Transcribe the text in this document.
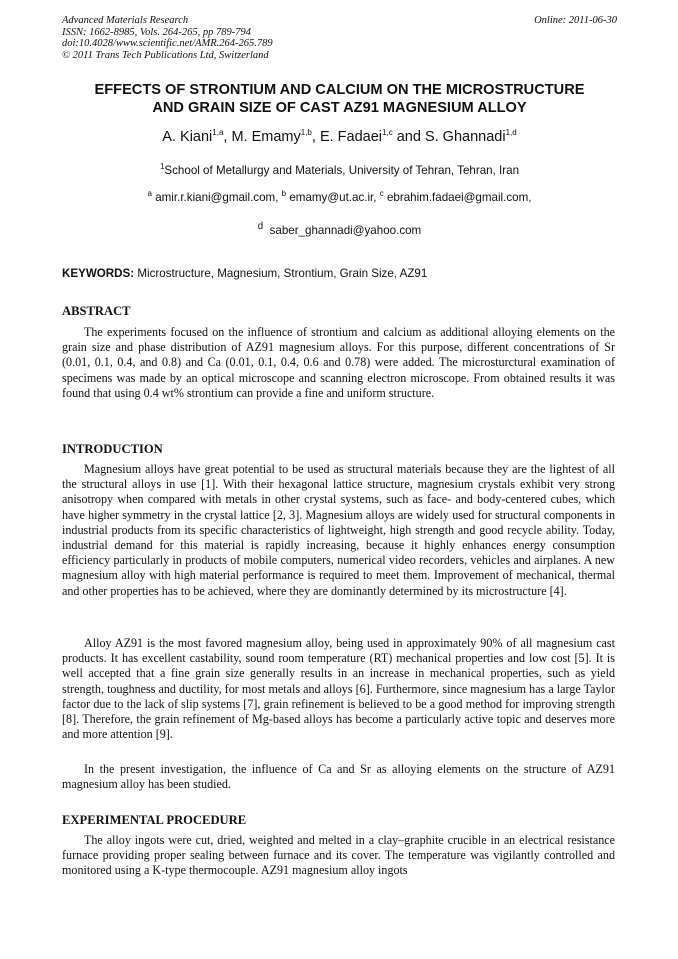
Advanced Materials Research
ISSN: 1662-8985, Vols. 264-265, pp 789-794
doi:10.4028/www.scientific.net/AMR.264-265.789
© 2011 Trans Tech Publications Ltd, Switzerland
Online: 2011-06-30
EFFECTS OF STRONTIUM AND CALCIUM ON THE MICROSTRUCTURE
AND GRAIN SIZE OF CAST AZ91 MAGNESIUM ALLOY
A. Kiani$^{1,a}$, M. Emamy$^{1,b}$, E. Fadaei$^{1,c}$ and S. Ghannadi$^{1,d}$
$^1$School of Metallurgy and Materials, University of Tehran, Tehran, Iran
$^a$ amir.r.kiani@gmail.com, $^b$ emamy@ut.ac.ir, $^c$ ebrahim.fadaei@gmail.com,
$^d$ saber_ghannadi@yahoo.com
KEYWORDS: Microstructure, Magnesium, Strontium, Grain Size, AZ91
ABSTRACT

The experiments focused on the influence of strontium and calcium as additional alloying elements on the grain size and phase distribution of AZ91 magnesium alloys. For this purpose, different concentrations of Sr (0.01, 0.1, 0.4, and 0.8) and Ca (0.01, 0.1, 0.4, 0.6 and 0.78) were added. The microsturctural examination of specimens was made by an optical microscope and scanning electron microscope. From obtained results it was found that using 0.4 wt% strontium can provide a fine and uniform structure.

INTRODUCTION

Magnesium alloys have great potential to be used as structural materials because they are the lightest of all the structural alloys in use [1]. With their hexagonal lattice structure, magnesium crystals exhibit very strong anisotropy when compared with metals in other crystal systems, such as face- and body-centered cubes, which have higher symmetry in the crystal lattice [2, 3]. Magnesium alloys are widely used for structural components in industrial products from its specific characteristics of lightweight, high strength and good recycle ability. Today, industrial demand for this material is rapidly increasing, because it highly enhances energy consumption efficiency particularly in products of mobile computers, numerical video recorders, vehicles and airplanes. A new magnesium alloy with high material performance is required to meet them. Improvement of mechanical, thermal and other properties has to be achieved, where they are dominantly determined by its microstructure [4].

Alloy AZ91 is the most favored magnesium alloy, being used in approximately 90% of all magnesium cast products. It has excellent castability, sound room temperature (RT) mechanical properties and low cost [5]. It is well accepted that a fine grain size generally results in an increase in mechanical properties, such as yield strength, toughness and ductility, for most metals and alloys [6]. Furthermore, since magnesium has a large Taylor factor due to the lack of slip systems [7], grain refinement is believed to be a good method for improving strength [8]. Therefore, the grain refinement of Mg-based alloys has become a particularly active topic and deserves more and more attention [9].

In the present investigation, the influence of Ca and Sr as alloying elements on the structure of AZ91 magnesium alloy has been studied.

EXPERIMENTAL PROCEDURE

The alloy ingots were cut, dried, weighted and melted in a clay–graphite crucible in an electrical resistance furnace providing proper sealing between furnace and its cover. The temperature was vigilantly controlled and monitored using a K-type thermocouple. AZ91 magnesium alloy ingots
